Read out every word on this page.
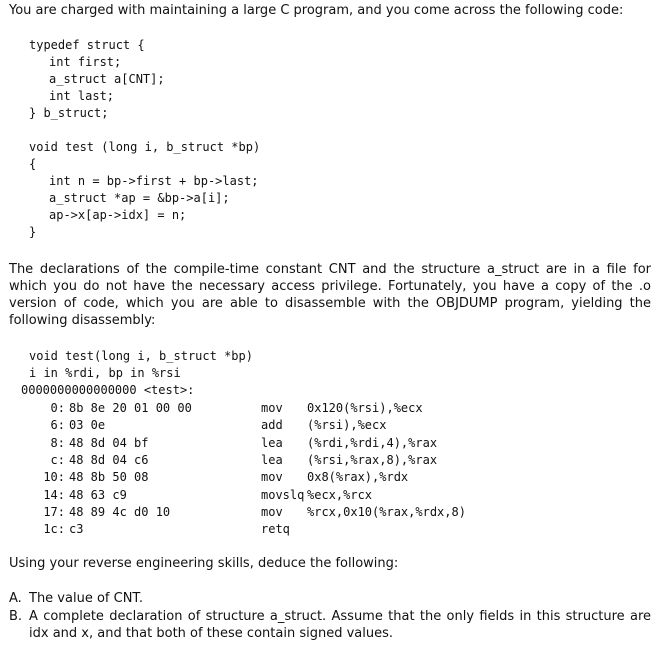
You are charged with maintaining a large C program, and you come across the following code:

typedef struct {
int first;
a_struct a[CNT];
int last;
} b_struct;

void test (long i, b_struct *bp)
{
int n = bp->first + bp->last;
a_struct *ap = &bp->a[i];
ap->x[ap->idx] = n;
}

The declarations of the compile-time constant CNT and the structure a_struct are in a file for which you do not have the necessary access privilege. Fortunately, you have a copy of the .o version of code, which you are able to disassemble with the OBJDUMP program, yielding the following disassembly:

void test(long i, b_struct *bp)
i in %rdi, bp in %rsi
0000000000000000 <test>:
0: 8b 8e 20 01 00 00	mov 0x120(%rsi),%ecx
6: 03 0e	add (%rsi),%ecx
8: 48 8d 04 bf	lea (%rdi,%rdi,4),%rax
c: 48 8d 04 c6	lea (%rsi,%rax,8),%rax
10: 48 8b 50 08	mov 0x8(%rax),%rdx
14: 48 63 c9	movslq %ecx,%rcx
17: 48 89 4c d0 10	mov %rcx,0x10(%rax,%rdx,8)
1c: c3	retq

Using your reverse engineering skills, deduce the following:

A. The value of CNT.
B. A complete declaration of structure a_struct. Assume that the only fields in this structure are idx and x, and that both of these contain signed values.
